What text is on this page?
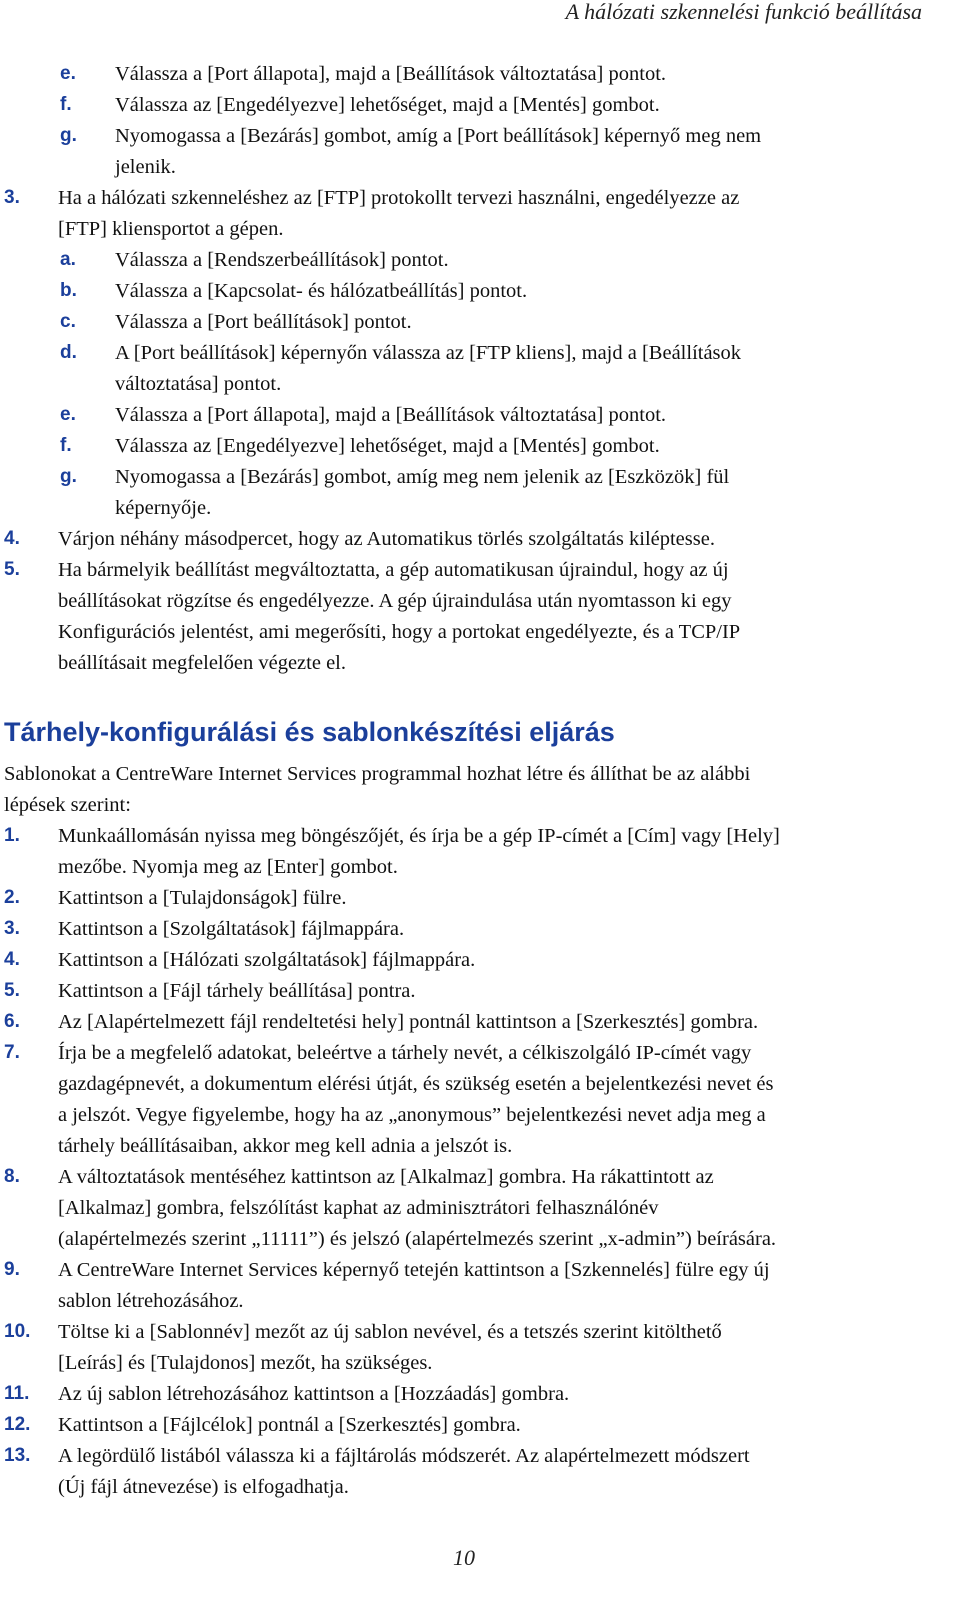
A hálózati szkennelési funkció beállítása
e.	Válassza a [Port állapota], majd a [Beállítások változtatása] pontot.
f.	Válassza az [Engedélyezve] lehetőséget, majd a [Mentés] gombot.
g.	Nyomogassa a [Bezárás] gombot, amíg a [Port beállítások] képernyő meg nem
jelenik.
3.	Ha a hálózati szkenneléshez az [FTP] protokollt tervezi használni, engedélyezze az
[FTP] kliensportot a gépen.
a.	Válassza a [Rendszerbeállítások] pontot.
b.	Válassza a [Kapcsolat- és hálózatbeállítás] pontot.
c.	Válassza a [Port beállítások] pontot.
d.	A [Port beállítások] képernyőn válassza az [FTP kliens], majd a [Beállítások
változtatása] pontot.
e.	Válassza a [Port állapota], majd a [Beállítások változtatása] pontot.
f.	Válassza az [Engedélyezve] lehetőséget, majd a [Mentés] gombot.
g.	Nyomogassa a [Bezárás] gombot, amíg meg nem jelenik az [Eszközök] fül
képernyője.
4.	Várjon néhány másodpercet, hogy az Automatikus törlés szolgáltatás kiléptesse.
5.	Ha bármelyik beállítást megváltoztatta, a gép automatikusan újraindul, hogy az új
beállításokat rögzítse és engedélyezze. A gép újraindulása után nyomtasson ki egy
Konfigurációs jelentést, ami megerősíti, hogy a portokat engedélyezte, és a TCP/IP
beállításait megfelelően végezte el.
Tárhely-konfigurálási és sablonkészítési eljárás
Sablonokat a CentreWare Internet Services programmal hozhat létre és állíthat be az alábbi
lépések szerint:
1.	Munkaállomásán nyissa meg böngészőjét, és írja be a gép IP-címét a [Cím] vagy [Hely]
mezőbe. Nyomja meg az [Enter] gombot.
2.	Kattintson a [Tulajdonságok] fülre.
3.	Kattintson a [Szolgáltatások] fájlmappára.
4.	Kattintson a [Hálózati szolgáltatások] fájlmappára.
5.	Kattintson a [Fájl tárhely beállítása] pontra.
6.	Az [Alapértelmezett fájl rendeltetési hely] pontnál kattintson a [Szerkesztés] gombra.
7.	Írja be a megfelelő adatokat, beleértve a tárhely nevét, a célkiszolgáló IP-címét vagy
gazdagépnevét, a dokumentum elérési útját, és szükség esetén a bejelentkezési nevet és
a jelszót. Vegye figyelembe, hogy ha az „anonymous” bejelentkezési nevet adja meg a
tárhely beállításaiban, akkor meg kell adnia a jelszót is.
8.	A változtatások mentéséhez kattintson az [Alkalmaz] gombra. Ha rákattintott az
[Alkalmaz] gombra, felszólítást kaphat az adminisztrátori felhasználónév
(alapértelmezés szerint „11111”) és jelszó (alapértelmezés szerint „x-admin”) beírására.
9.	A CentreWare Internet Services képernyő tetején kattintson a [Szkennelés] fülre egy új
sablon létrehozásához.
10.	Töltse ki a [Sablonnév] mezőt az új sablon nevével, és a tetszés szerint kitölthető
[Leírás] és [Tulajdonos] mezőt, ha szükséges.
11.	Az új sablon létrehozásához kattintson a [Hozzáadás] gombra.
12.	Kattintson a [Fájlcélok] pontnál a [Szerkesztés] gombra.
13.	A legördülő listából válassza ki a fájltárolás módszerét. Az alapértelmezett módszert
(Új fájl átnevezése) is elfogadhatja.
10
